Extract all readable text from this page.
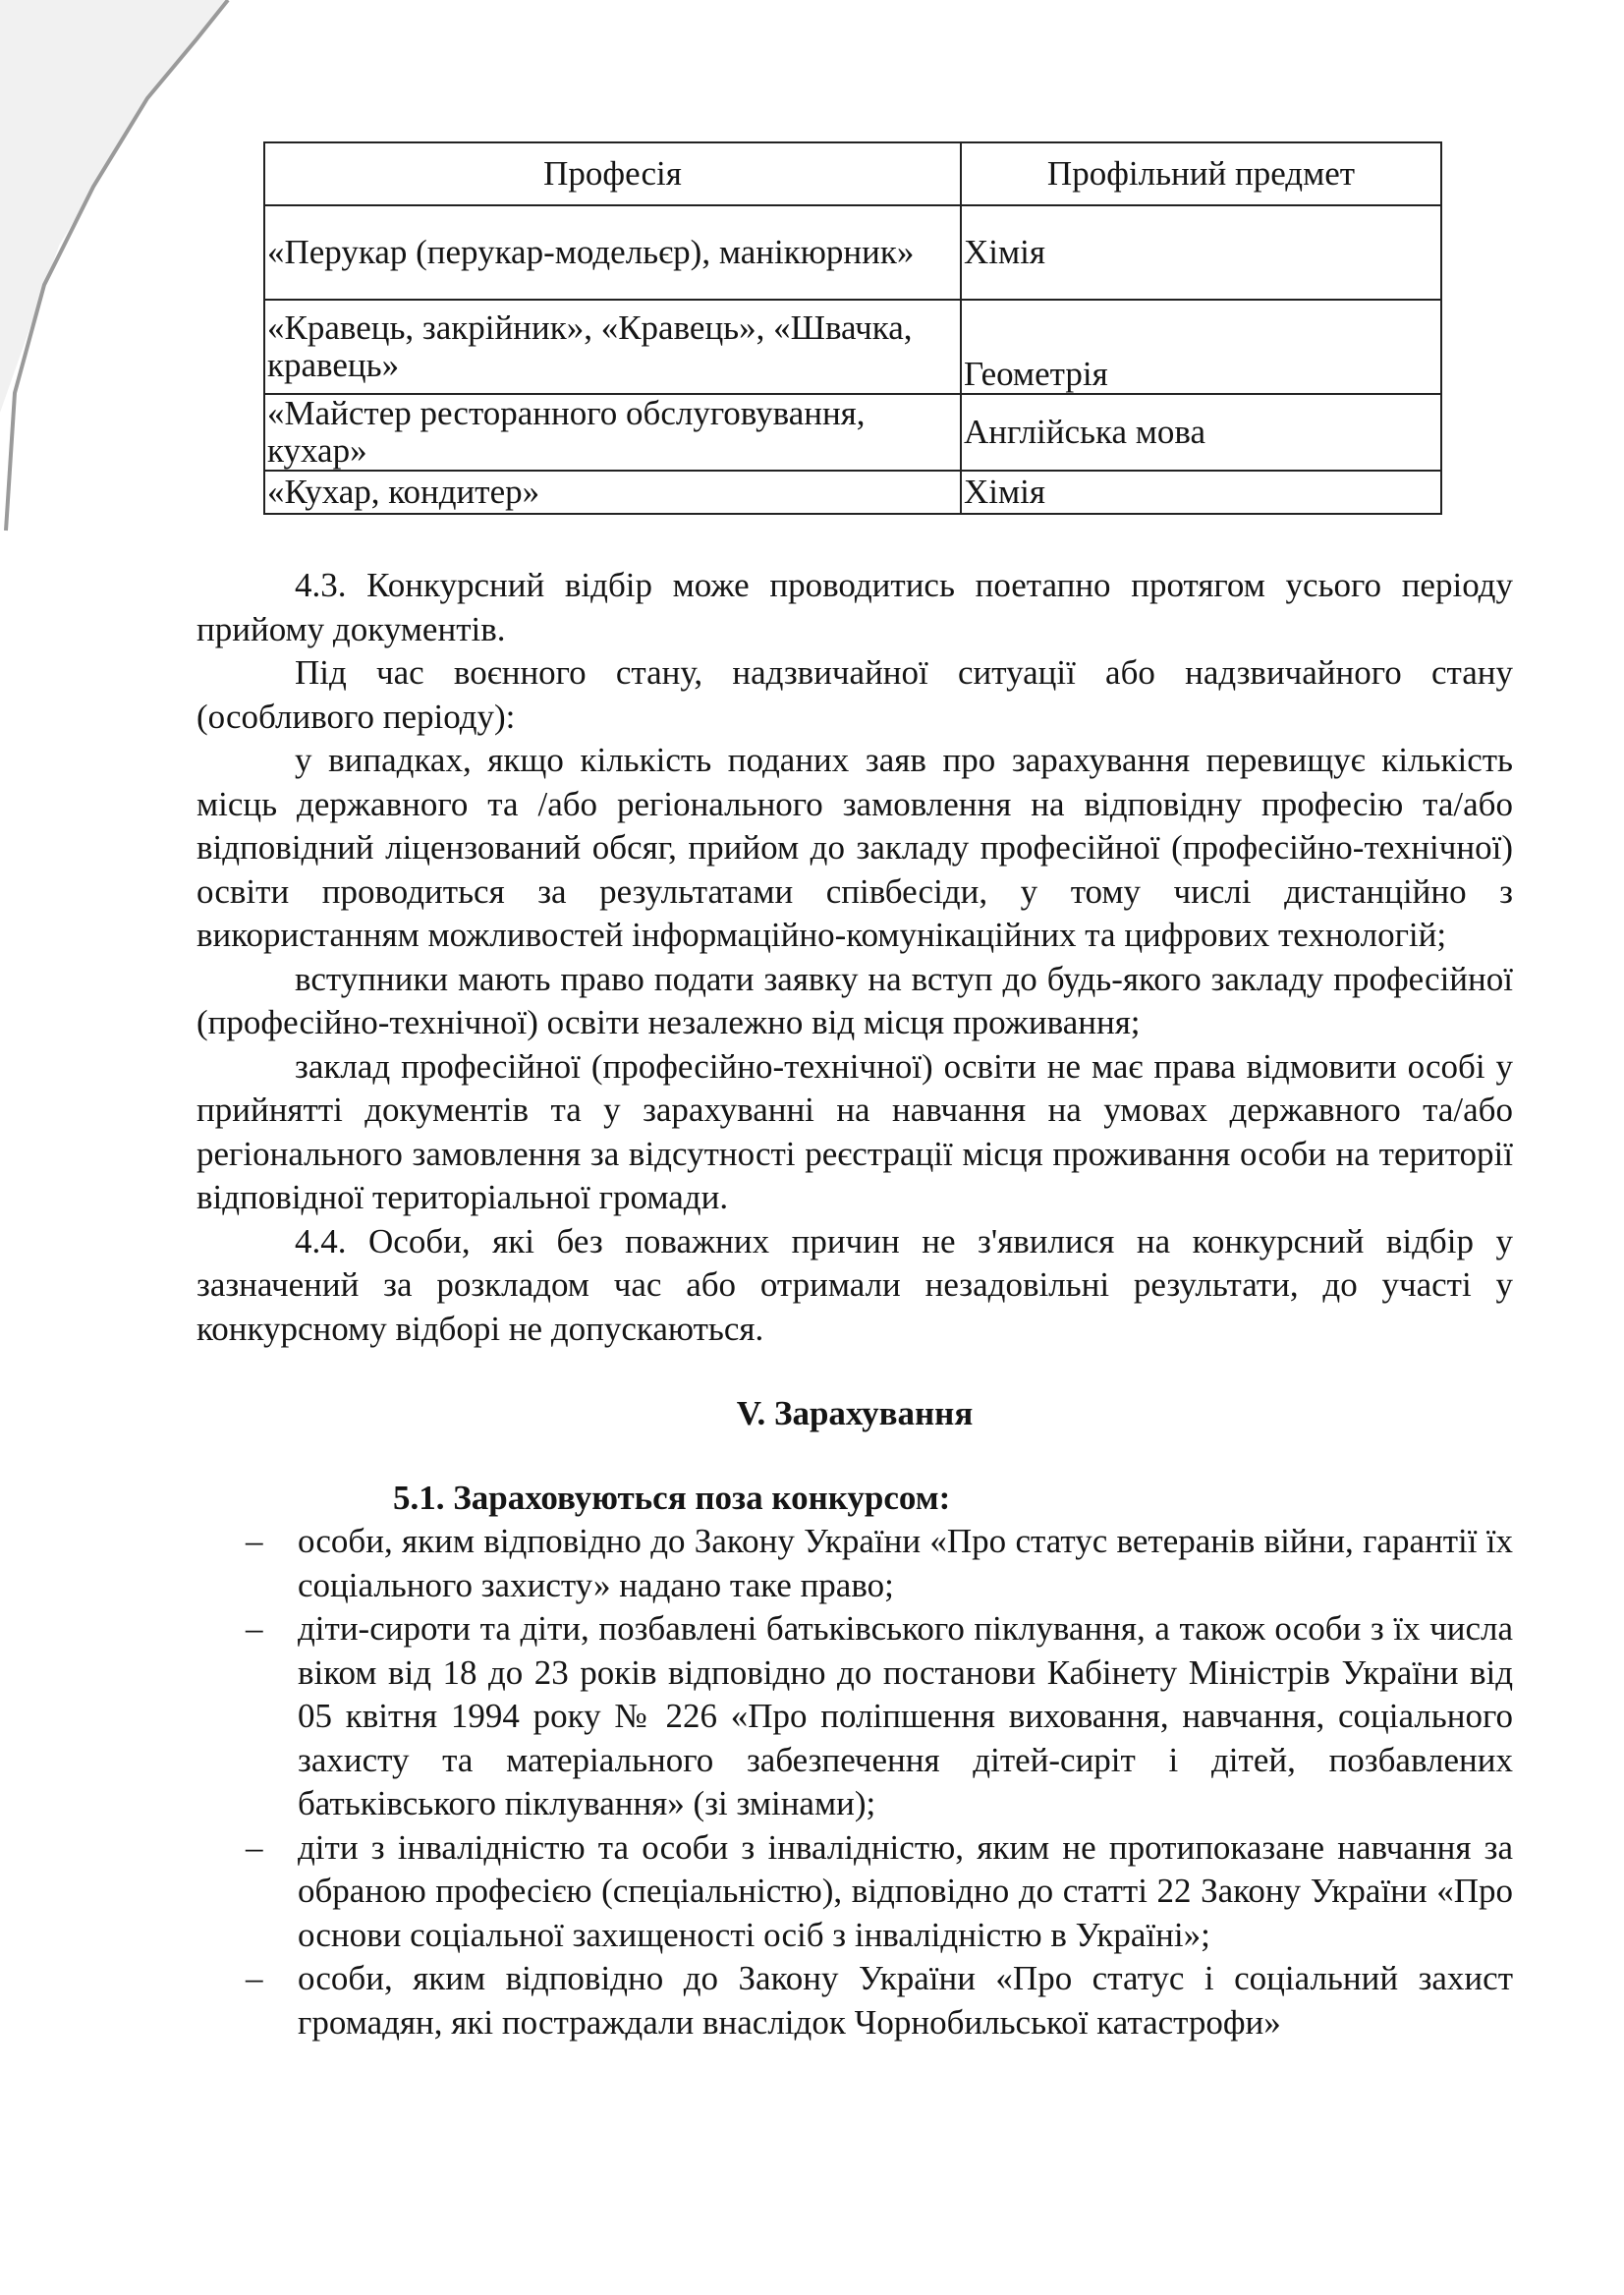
Професія	Профільний предмет
«Перукар (перукар-модельєр), манікюрник»	Хімія
«Кравець, закрійник», «Кравець», «Швачка, кравець»	Геометрія
«Майстер ресторанного обслуговування, кухар»	Англійська мова
«Кухар, кондитер»	Хімія

4.3. Конкурсний відбір може проводитись поетапно протягом усього періоду прийому документів.

Під час воєнного стану, надзвичайної ситуації або надзвичайного стану (особливого періоду):

у випадках, якщо кількість поданих заяв про зарахування перевищує кількість місць державного та /або регіонального замовлення на відповідну професію та/або відповідний ліцензований обсяг, прийом до закладу професійної (професійно-технічної) освіти проводиться за результатами співбесіди, у тому числі дистанційно з використанням можливостей інформаційно-комунікаційних та цифрових технологій;

вступники мають право подати заявку на вступ до будь-якого закладу професійної (професійно-технічної) освіти незалежно від місця проживання;

заклад професійної (професійно-технічної) освіти не має права відмовити особі у прийнятті документів та у зарахуванні на навчання на умовах державного та/або регіонального замовлення за відсутності реєстрації місця проживання особи на території відповідної територіальної громади.

4.4. Особи, які без поважних причин не з'явилися на конкурсний відбір у зазначений за розкладом час або отримали незадовільні результати, до участі у конкурсному відборі не допускаються.

V. Зарахування

5.1. Зараховуються поза конкурсом:

– особи, яким відповідно до Закону України «Про статус ветеранів війни, гарантії їх соціального захисту» надано таке право;
– діти-сироти та діти, позбавлені батьківського піклування, а також особи з їх числа віком від 18 до 23 років відповідно до постанови Кабінету Міністрів України від 05 квітня 1994 року № 226 «Про поліпшення виховання, навчання, соціального захисту та матеріального забезпечення дітей-сиріт і дітей, позбавлених батьківського піклування» (зі змінами);
– діти з інвалідністю та особи з інвалідністю, яким не протипоказане навчання за обраною професією (спеціальністю), відповідно до статті 22 Закону України «Про основи соціальної захищеності осіб з інвалідністю в Україні»;
– особи, яким відповідно до Закону України «Про статус і соціальний захист громадян, які постраждали внаслідок Чорнобильської катастрофи»
